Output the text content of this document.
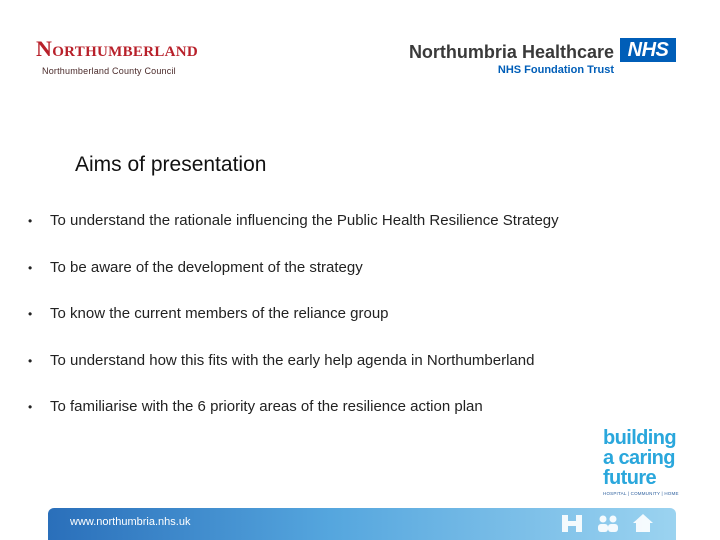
Northumberland
Northumberland County Council
Northumbria Healthcare
NHS Foundation Trust
NHS
Aims of presentation
• To understand the rationale influencing the Public Health Resilience Strategy
• To be aware of the development of the strategy
• To know the current members of the reliance group
• To understand how this fits with the early help agenda in Northumberland
• To familiarise with the 6 priority areas of the resilience action plan
building
a caring
future
HOSPITAL | COMMUNITY | HOME
www.northumbria.nhs.uk
